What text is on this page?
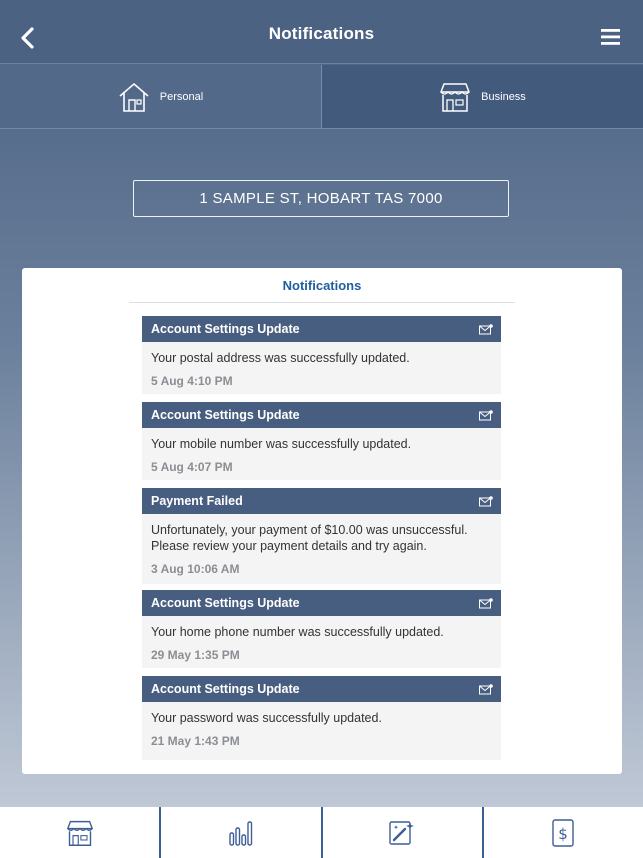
Notifications
Personal	Business
1 SAMPLE ST, HOBART TAS 7000
Notifications
Account Settings Update
Your postal address was successfully updated.
5 Aug 4:10 PM
Account Settings Update
Your mobile number was successfully updated.
5 Aug 4:07 PM
Payment Failed
Unfortunately, your payment of $10.00 was unsuccessful. Please review your payment details and try again.
3 Aug 10:06 AM
Account Settings Update
Your home phone number was successfully updated.
29 May 1:35 PM
Account Settings Update
Your password was successfully updated.
21 May 1:43 PM
$
